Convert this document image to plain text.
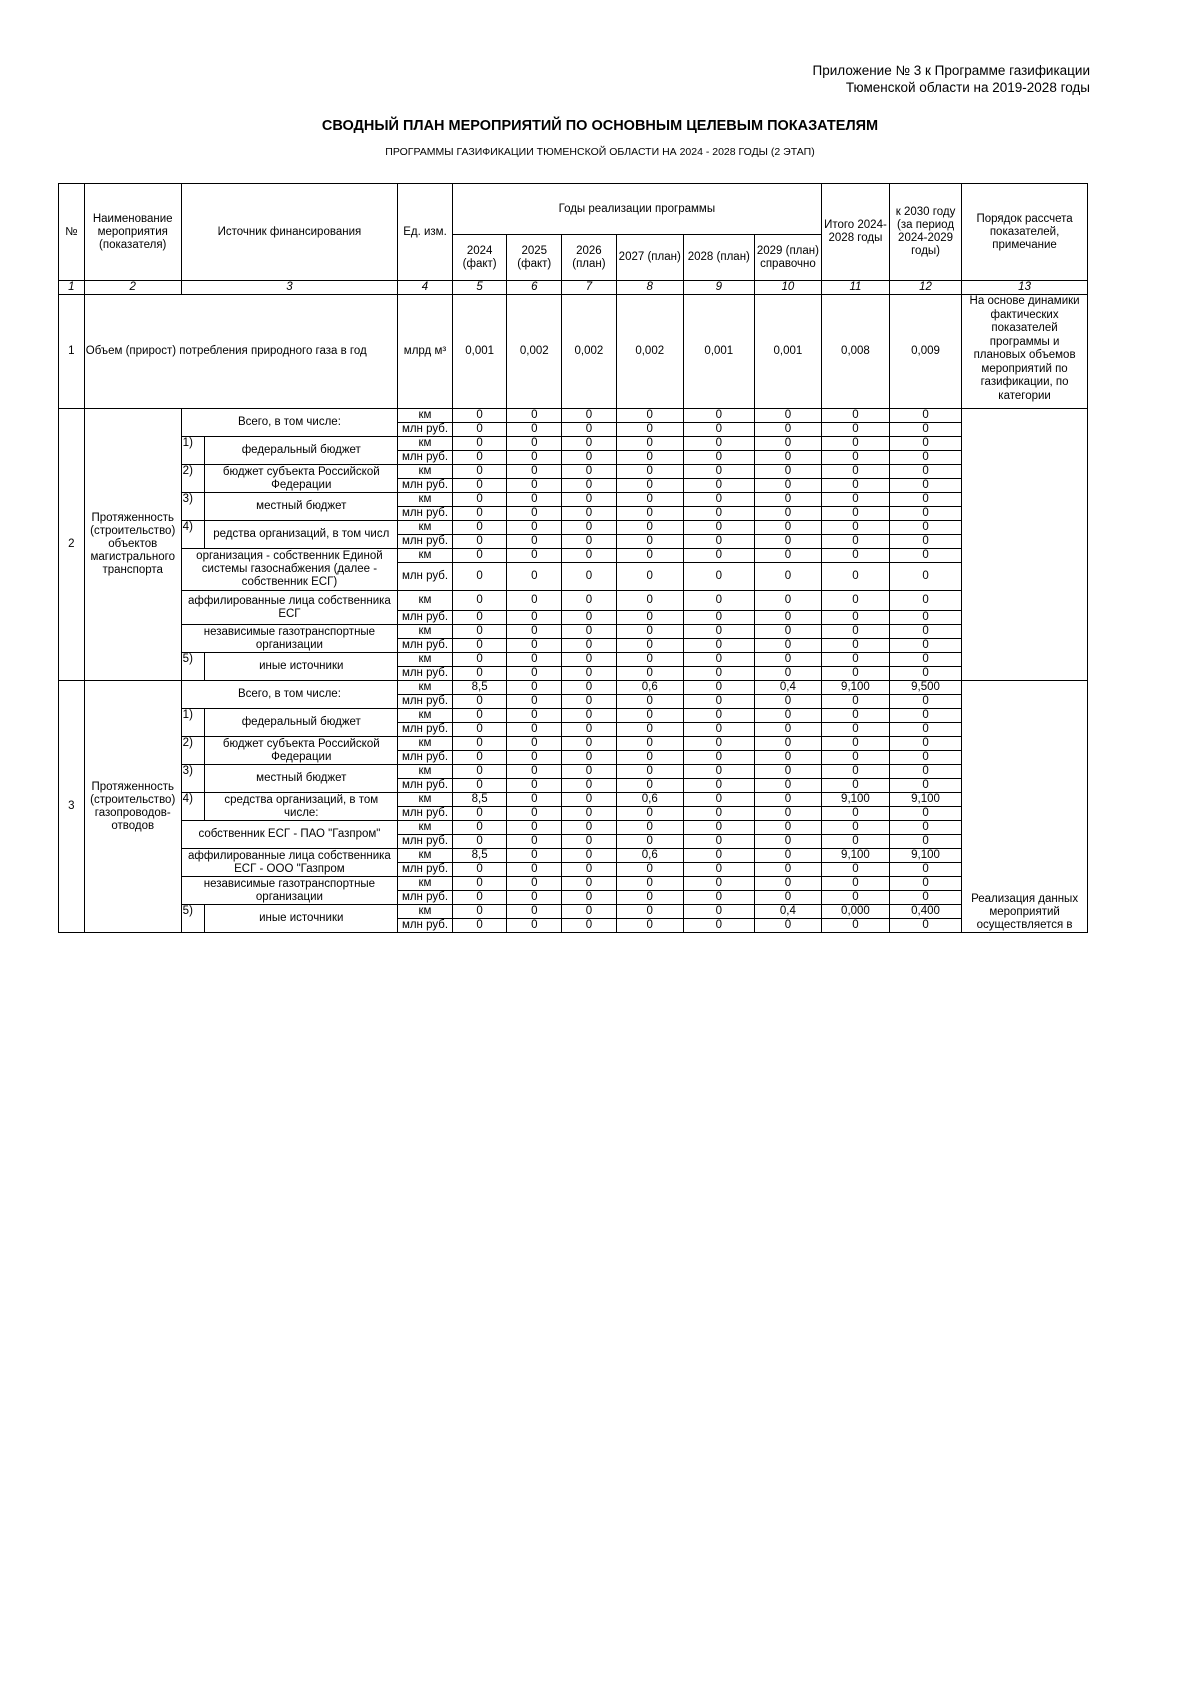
Приложение № 3 к Программе газификации
Тюменской области на 2019-2028 годы
СВОДНЫЙ ПЛАН МЕРОПРИЯТИЙ ПО ОСНОВНЫМ ЦЕЛЕВЫМ ПОКАЗАТЕЛЯМ
ПРОГРАММЫ ГАЗИФИКАЦИИ ТЮМЕНСКОЙ ОБЛАСТИ НА 2024 - 2028 ГОДЫ (2 ЭТАП)
№	Наименование мероприятия (показателя)	Источник финансирования		Ед. изм.	Годы реализации программы						Итого 2024-2028 годы	к 2030 году (за период 2024-2029 годы)	Порядок рассчета показателей, примечание
					2024 (факт)	2025 (факт)	2026 (план)	2027 (план)	2028 (план)	2029 (план) справочно			
1	2	3		4	5	6	7	8	9	10	11	12	13
1	Объем (прирост) потребления природного газа в год			млрд м³	0,001	0,002	0,002	0,002	0,001	0,001	0,008	0,009	На основе динамики фактических показателей программы и плановых объемов мероприятий по газификации, по категории

2	Протяженность (строительство) объектов магистрального транспорта	Всего, в том числе:		км	0	0	0	0	0	0	0	0	
				млн руб.	0	0	0	0	0	0	0	0	
		1)	федеральный бюджет	км	0	0	0	0	0	0	0	0	
				млн руб.	0	0	0	0	0	0	0	0	
		2)	бюджет субъекта Российской Федерации	км	0	0	0	0	0	0	0	0	
				млн руб.	0	0	0	0	0	0	0	0	
		3)	местный бюджет	км	0	0	0	0	0	0	0	0	
				млн руб.	0	0	0	0	0	0	0	0	
		4)	редства организаций, в том числ	км	0	0	0	0	0	0	0	0	
				млн руб.	0	0	0	0	0	0	0	0	
		организация - собственник Единой системы газоснабжения (далее - собственник ЕСГ)		км	0	0	0	0	0	0	0	0	
				млн руб.	0	0	0	0	0	0	0	0	
		аффилированные лица собственника ЕСГ		км	0	0	0	0	0	0	0	0	
				млн руб.	0	0	0	0	0	0	0	0	
		независимые газотранспортные организации		км	0	0	0	0	0	0	0	0	
				млн руб.	0	0	0	0	0	0	0	0	
		5)	иные источники	км	0	0	0	0	0	0	0	0	
				млн руб.	0	0	0	0	0	0	0	0	
3	Протяженность (строительство) газопроводов-отводов	Всего, в том числе:		км	8,5	0	0	0,6	0	0,4	9,100	9,500	Реализация данных мероприятий осуществляется в

				млн руб.	0	0	0	0	0	0	0	0	
		1)	федеральный бюджет	км	0	0	0	0	0	0	0	0	
				млн руб.	0	0	0	0	0	0	0	0	
		2)	бюджет субъекта Российской Федерации	км	0	0	0	0	0	0	0	0	
				млн руб.	0	0	0	0	0	0	0	0	
		3)	местный бюджет	км	0	0	0	0	0	0	0	0	
				млн руб.	0	0	0	0	0	0	0	0	
		4)	средства организаций, в том числе:	км	8,5	0	0	0,6	0	0	9,100	9,100	
				млн руб.	0	0	0	0	0	0	0	0	
		собственник ЕСГ - ПАО "Газпром"		км	0	0	0	0	0	0	0	0	
				млн руб.	0	0	0	0	0	0	0	0	
		аффилированные лица собственника ЕСГ - ООО "Газпром		км	8,5	0	0	0,6	0	0	9,100	9,100	
				млн руб.	0	0	0	0	0	0	0	0	
		независимые газотранспортные организации		км	0	0	0	0	0	0	0	0	
				млн руб.	0	0	0	0	0	0	0	0	
		5)	иные источники	км	0	0	0	0	0	0,4	0,000	0,400	
				млн руб.	0	0	0	0	0	0	0	0	
